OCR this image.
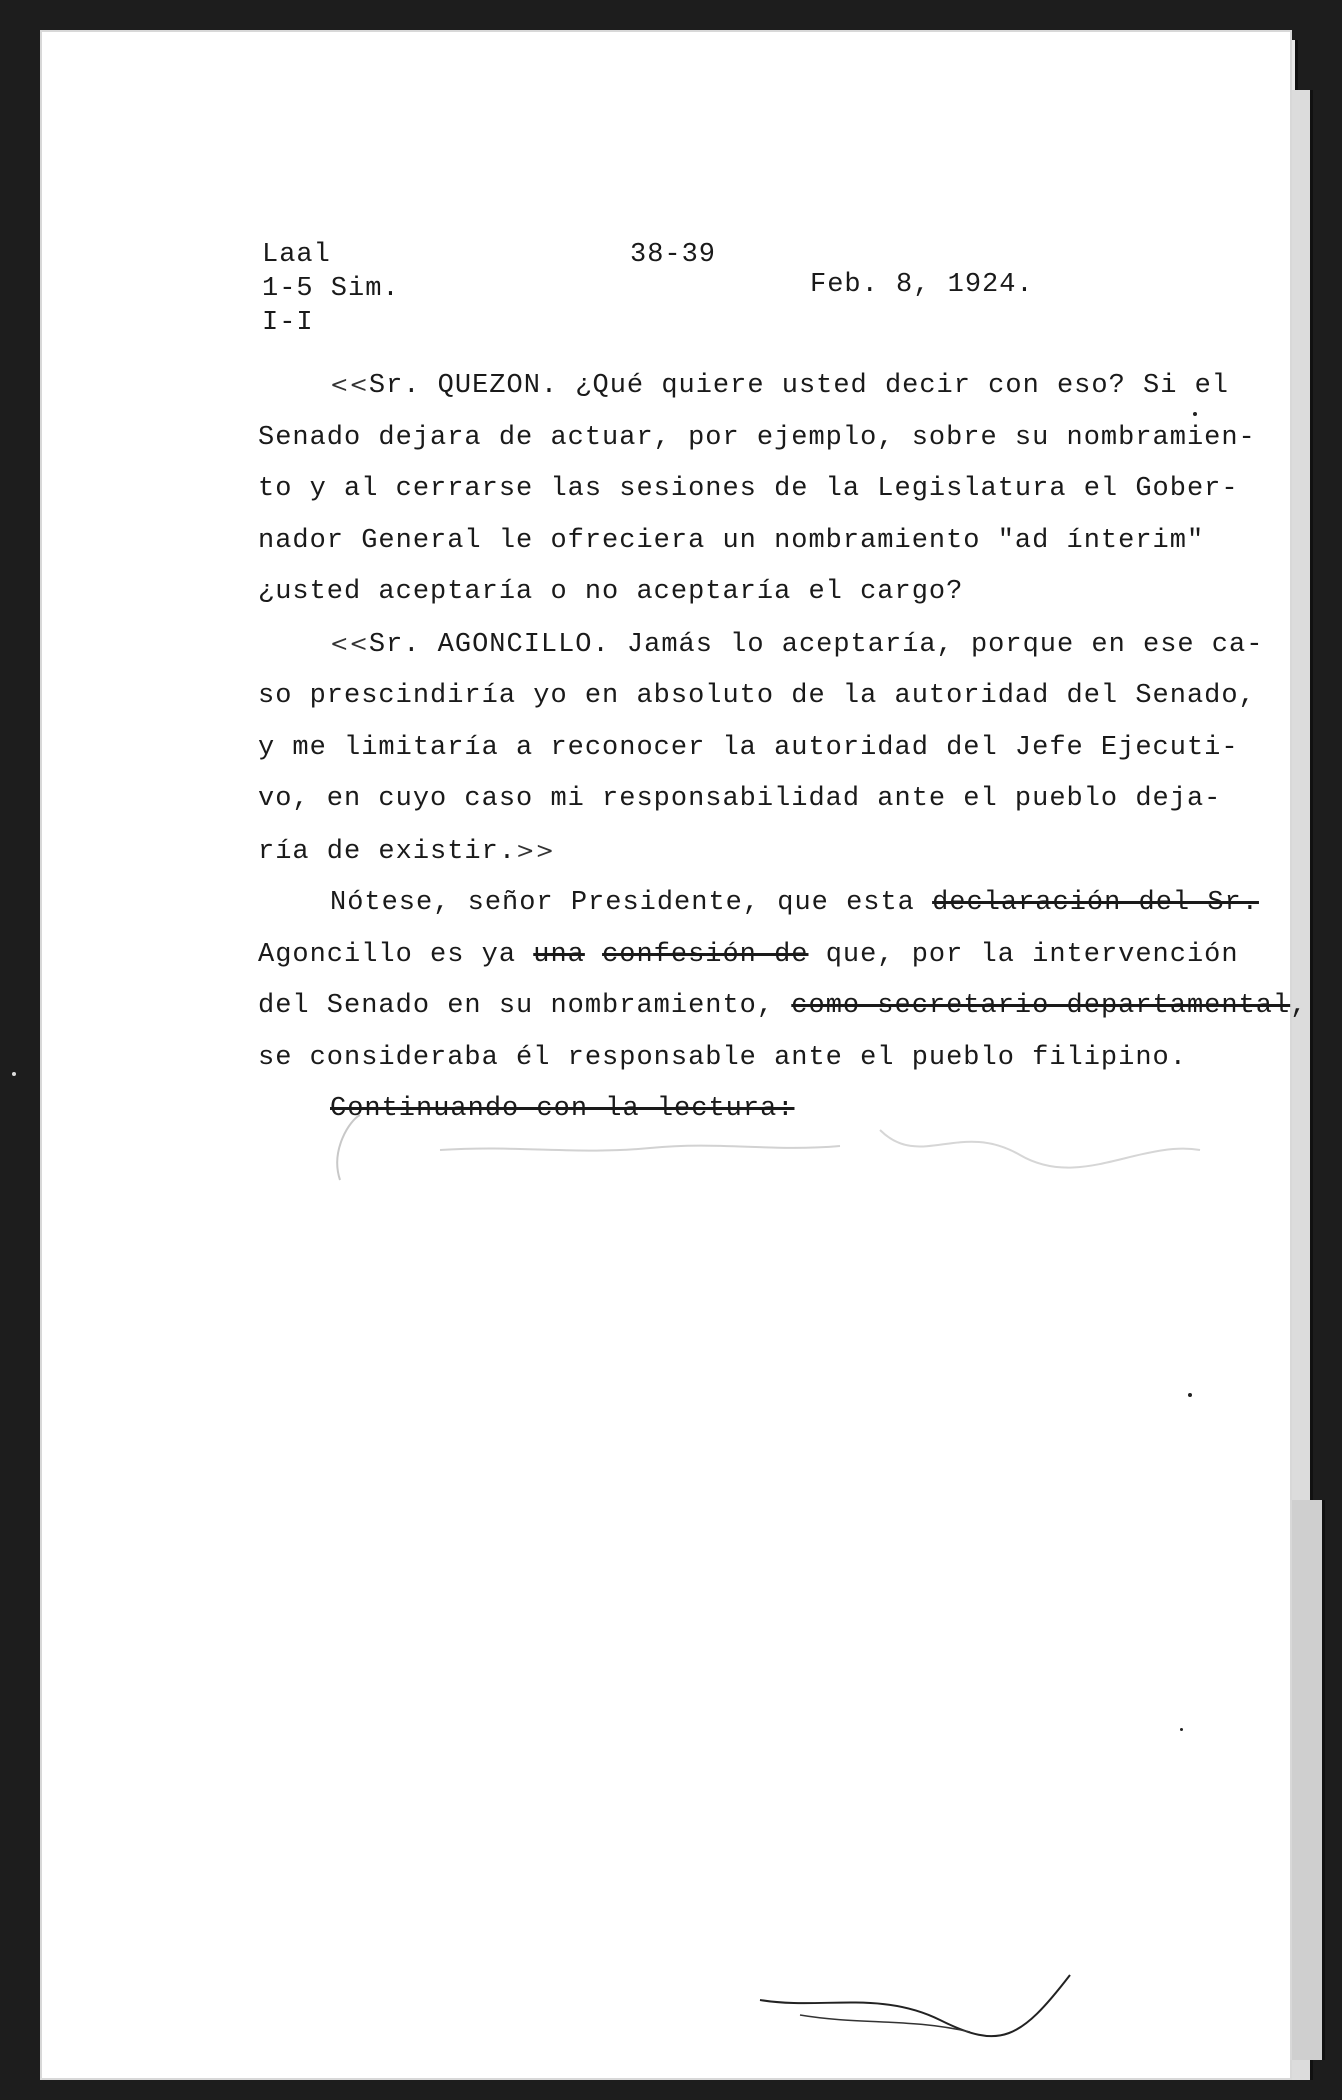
Laal
1-5 Sim.
I-I
38-39
Feb. 8, 1924.
<<Sr. QUEZON. ¿Qué quiere usted decir con eso? Si el
Senado dejara de actuar, por ejemplo, sobre su nombramien-
to y al cerrarse las sesiones de la Legislatura el Gober-
nador General le ofreciera un nombramiento "ad ínterim"
¿usted aceptaría o no aceptaría el cargo?
<<Sr. AGONCILLO. Jamás lo aceptaría, porque en ese ca-
so prescindiría yo en absoluto de la autoridad del Senado,
y me limitaría a reconocer la autoridad del Jefe Ejecuti-
vo, en cuyo caso mi responsabilidad ante el pueblo deja-
ría de existir.>>
Nótese, señor Presidente, que esta declaración del Sr.
Agoncillo es ya una confesión de que, por la intervención
del Senado en su nombramiento, como secretario departamental,
se consideraba él responsable ante el pueblo filipino.
Continuando con la lectura:
